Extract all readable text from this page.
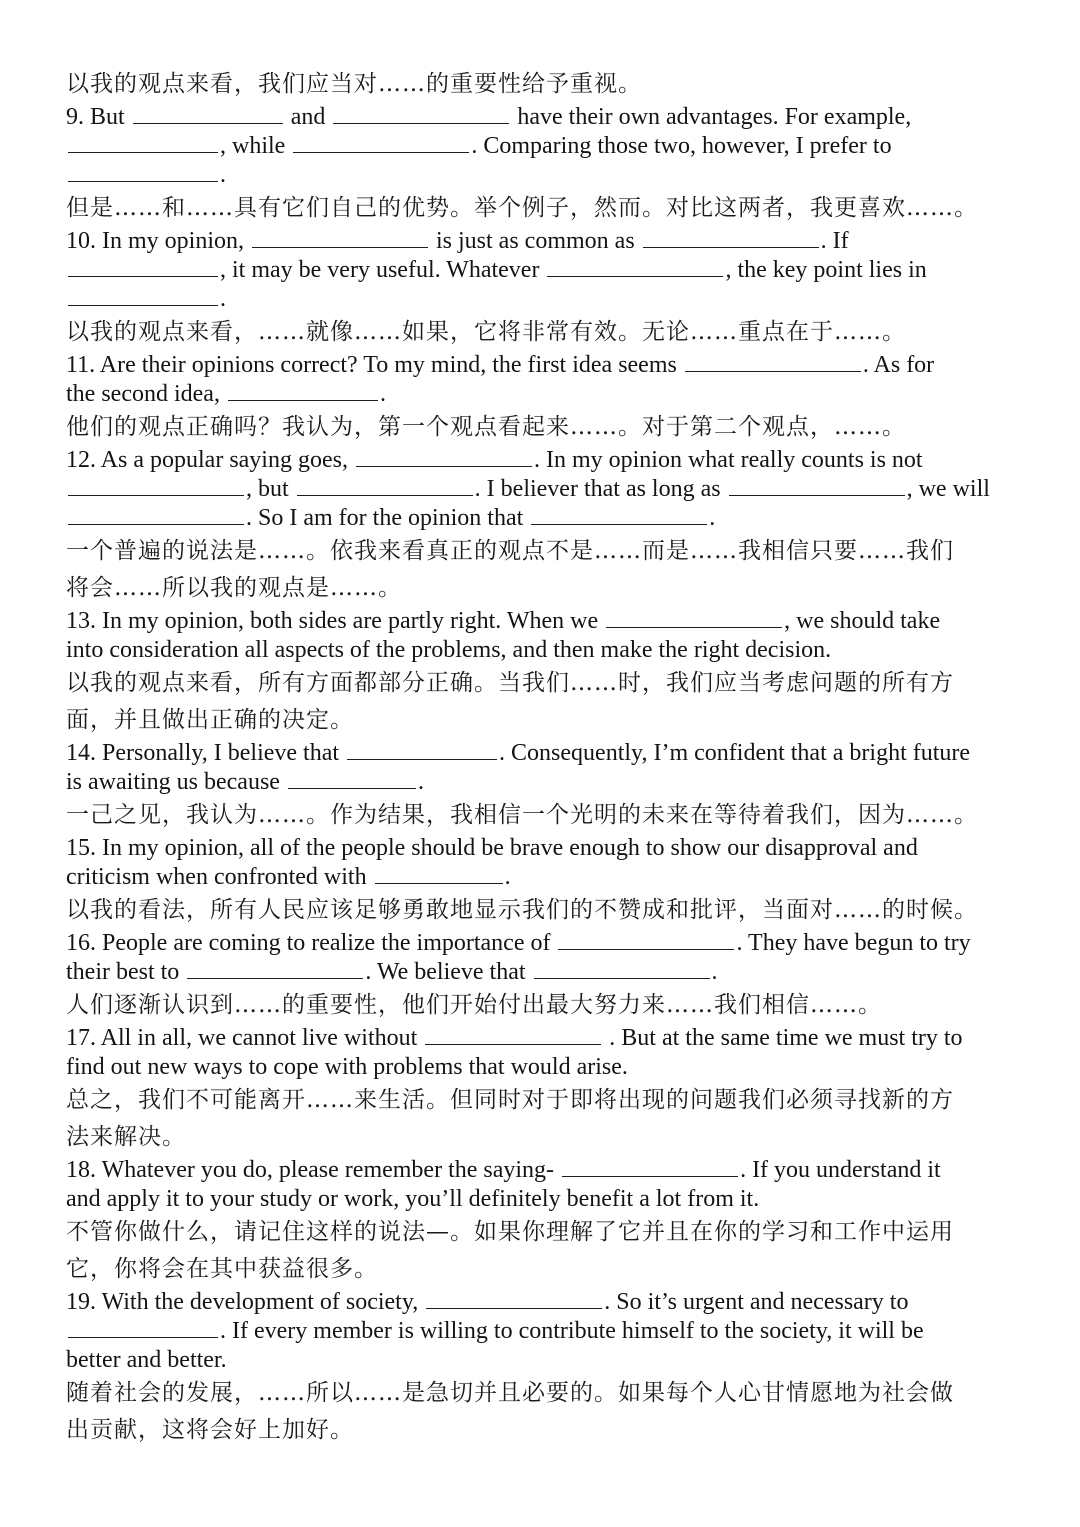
以我的观点来看，我们应当对……的重要性给予重视。

9. But	and	have their own advantages. For example,
, while	. Comparing those two, however, I prefer to
.

但是……和……具有它们自己的优势。举个例子，然而。对比这两者，我更喜欢……。

10. In my opinion,	is just as common as	. If
, it may be very useful. Whatever	, the key point lies in
.

以我的观点来看，……就像……如果，它将非常有效。无论……重点在于……。

11. Are their opinions correct? To my mind, the first idea seems	. As for
the second idea,	.

他们的观点正确吗？我认为，第一个观点看起来……。对于第二个观点，……。

12. As a popular saying goes,	. In my opinion what really counts is not
, but	. I believer that as long as	, we will
. So I am for the opinion that	.

一个普遍的说法是……。依我来看真正的观点不是……而是……我相信只要……我们

将会……所以我的观点是……。

13. In my opinion, both sides are partly right. When we	, we should take
into consideration all aspects of the problems, and then make the right decision.

以我的观点来看，所有方面都部分正确。当我们……时，我们应当考虑问题的所有方

面，并且做出正确的决定。

14. Personally, I believe that	. Consequently, I’m confident that a bright future
is awaiting us because	.

一己之见，我认为……。作为结果，我相信一个光明的未来在等待着我们，因为……。

15. In my opinion, all of the people should be brave enough to show our disapproval and
criticism when confronted with	.

以我的看法，所有人民应该足够勇敢地显示我们的不赞成和批评，当面对……的时候。

16. People are coming to realize the importance of	. They have begun to try
their best to	. We believe that	.

人们逐渐认识到……的重要性，他们开始付出最大努力来……我们相信……。

17. All in all, we cannot live without	. But at the same time we must try to
find out new ways to cope with problems that would arise.

总之，我们不可能离开……来生活。但同时对于即将出现的问题我们必须寻找新的方

法来解决。

18. Whatever you do, please remember the saying-	. If you understand it
and apply it to your study or work, you’ll definitely benefit a lot from it.

不管你做什么，请记住这样的说法—。如果你理解了它并且在你的学习和工作中运用

它，你将会在其中获益很多。

19. With the development of society,	. So it’s urgent and necessary to
. If every member is willing to contribute himself to the society, it will be
better and better.

随着社会的发展，……所以……是急切并且必要的。如果每个人心甘情愿地为社会做

出贡献，这将会好上加好。
